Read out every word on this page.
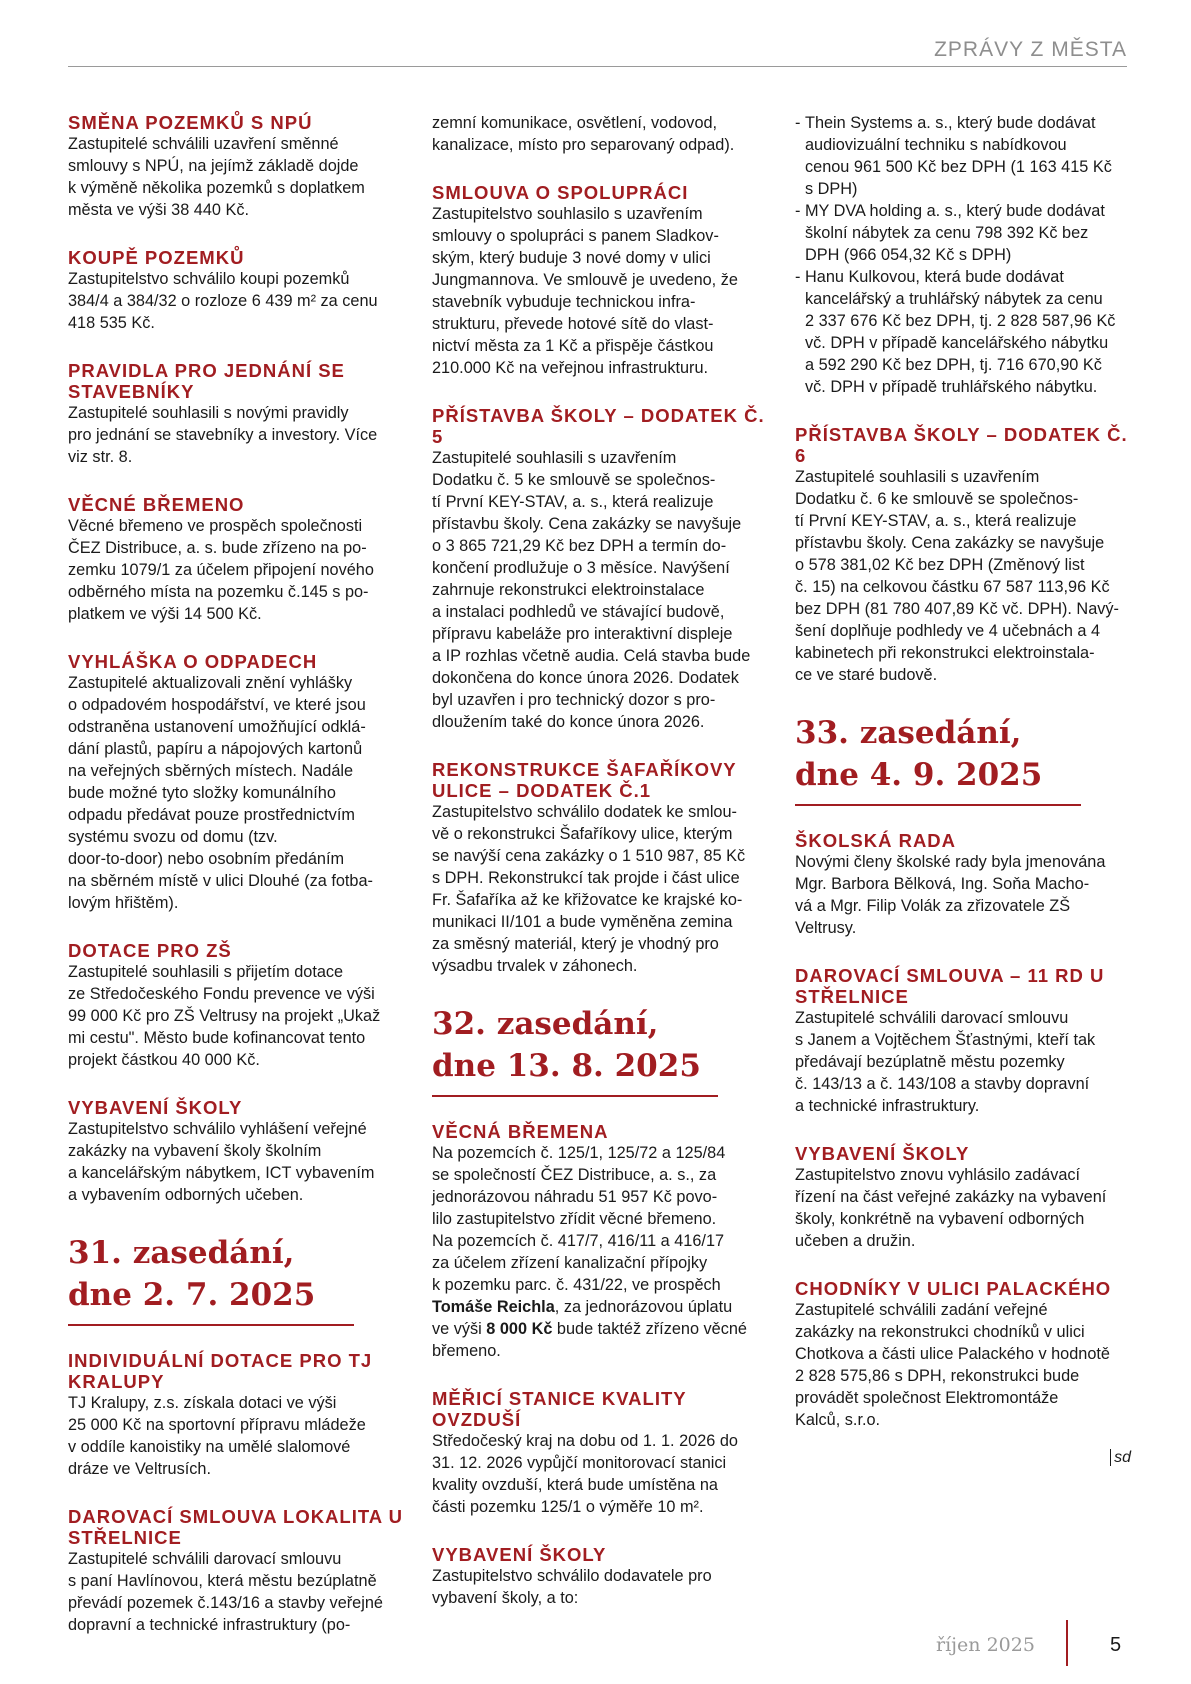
ZPRÁVY Z MĚSTA
SMĚNA POZEMKŮ S NPÚ

Zastupitelé schválili uzavření směnné
smlouvy s NPÚ, na jejímž základě dojde
k výměně několika pozemků s doplatkem
města ve výši 38 440 Kč.

KOUPĚ POZEMKŮ

Zastupitelstvo schválilo koupi pozemků
384/4 a 384/32 o rozloze 6 439 m² za cenu
418 535 Kč.

PRAVIDLA PRO JEDNÁNÍ SE STAVEBNÍKY

Zastupitelé souhlasili s novými pravidly
pro jednání se stavebníky a investory. Více
viz str. 8.

VĚCNÉ BŘEMENO

Věcné břemeno ve prospěch společnosti
ČEZ Distribuce, a. s. bude zřízeno na po-
zemku 1079/1 za účelem připojení nového
odběrného místa na pozemku č.145 s po-
platkem ve výši 14 500 Kč.

VYHLÁŠKA O ODPADECH

Zastupitelé aktualizovali znění vyhlášky
o odpadovém hospodářství, ve které jsou
odstraněna ustanovení umožňující odklá-
dání plastů, papíru a nápojových kartonů
na veřejných sběrných místech. Nadále
bude možné tyto složky komunálního
odpadu předávat pouze prostřednictvím
systému svozu od domu (tzv.
door-to-door) nebo osobním předáním
na sběrném místě v ulici Dlouhé (za fotba-
lovým hřištěm).

DOTACE PRO ZŠ

Zastupitelé souhlasili s přijetím dotace
ze Středočeského Fondu prevence ve výši
99 000 Kč pro ZŠ Veltrusy na projekt „Ukaž
mi cestu". Město bude kofinancovat tento
projekt částkou 40 000 Kč.

VYBAVENÍ ŠKOLY

Zastupitelstvo schválilo vyhlášení veřejné
zakázky na vybavení školy školním
a kancelářským nábytkem, ICT vybavením
a vybavením odborných učeben.

31. zasedání,
dne 2. 7. 2025
INDIVIDUÁLNÍ DOTACE PRO TJ KRALUPY

TJ Kralupy, z.s. získala dotaci ve výši
25 000 Kč na sportovní přípravu mládeže
v oddíle kanoistiky na umělé slalomové
dráze ve Veltrusích.

DAROVACÍ SMLOUVA LOKALITA U STŘELNICE

Zastupitelé schválili darovací smlouvu
s paní Havlínovou, která městu bezúplatně
převádí pozemek č.143/16 a stavby veřejné
dopravní a technické infrastruktury (po-

zemní komunikace, osvětlení, vodovod,
kanalizace, místo pro separovaný odpad).

SMLOUVA O SPOLUPRÁCI

Zastupitelstvo souhlasilo s uzavřením
smlouvy o spolupráci s panem Sladkov-
ským, který buduje 3 nové domy v ulici
Jungmannova. Ve smlouvě je uvedeno, že
stavebník vybuduje technickou infra-
strukturu, převede hotové sítě do vlast-
nictví města za 1 Kč a přispěje částkou
210.000 Kč na veřejnou infrastrukturu.

PŘÍSTAVBA ŠKOLY – DODATEK Č. 5

Zastupitelé souhlasili s uzavřením
Dodatku č. 5 ke smlouvě se společnos-
tí První KEY-STAV, a. s., která realizuje
přístavbu školy. Cena zakázky se navyšuje
o 3 865 721,29 Kč bez DPH a termín do-
končení prodlužuje o 3 měsíce. Navýšení
zahrnuje rekonstrukci elektroinstalace
a instalaci podhledů ve stávající budově,
přípravu kabeláže pro interaktivní displeje
a IP rozhlas včetně audia. Celá stavba bude
dokončena do konce února 2026. Dodatek
byl uzavřen i pro technický dozor s pro-
dloužením také do konce února 2026.

REKONSTRUKCE ŠAFAŘÍKOVY ULICE – DODATEK Č.1

Zastupitelstvo schválilo dodatek ke smlou-
vě o rekonstrukci Šafaříkovy ulice, kterým
se navýší cena zakázky o 1 510 987, 85 Kč
s DPH. Rekonstrukcí tak projde i část ulice
Fr. Šafaříka až ke křižovatce ke krajské ko-
munikaci II/101 a bude vyměněna zemina
za směsný materiál, který je vhodný pro
výsadbu trvalek v záhonech.

32. zasedání,
dne 13. 8. 2025
VĚCNÁ BŘEMENA

Na pozemcích č. 125/1, 125/72 a 125/84
se společností ČEZ Distribuce, a. s., za
jednorázovou náhradu 51 957 Kč povo-
lilo zastupitelstvo zřídit věcné břemeno.
Na pozemcích č. 417/7, 416/11 a 416/17
za účelem zřízení kanalizační přípojky
k pozemku parc. č. 431/22, ve prospěch
Tomáše Reichla, za jednorázovou úplatu
ve výši 8 000 Kč bude taktéž zřízeno věcné
břemeno.

MĚŘICÍ STANICE KVALITY OVZDUŠÍ

Středočeský kraj na dobu od 1. 1. 2026 do
31. 12. 2026 vypůjčí monitorovací stanici
kvality ovzduší, která bude umístěna na
části pozemku 125/1 o výměře 10 m².

VYBAVENÍ ŠKOLY

Zastupitelstvo schválilo dodavatele pro
vybavení školy, a to:

- Thein Systems a. s., který bude dodávat
audiovizuální techniku s nabídkovou
cenou 961 500 Kč bez DPH (1 163 415 Kč
s DPH)
- MY DVA holding a. s., který bude dodávat
školní nábytek za cenu 798 392 Kč bez
DPH (966 054,32 Kč s DPH)
- Hanu Kulkovou, která bude dodávat
kancelářský a truhlářský nábytek za cenu
2 337 676 Kč bez DPH, tj. 2 828 587,96 Kč
vč. DPH v případě kancelářského nábytku
a 592 290 Kč bez DPH, tj. 716 670,90 Kč
vč. DPH v případě truhlářského nábytku.
PŘÍSTAVBA ŠKOLY – DODATEK Č. 6

Zastupitelé souhlasili s uzavřením
Dodatku č. 6 ke smlouvě se společnos-
tí První KEY-STAV, a. s., která realizuje
přístavbu školy. Cena zakázky se navyšuje
o 578 381,02 Kč bez DPH (Změnový list
č. 15) na celkovou částku 67 587 113,96 Kč
bez DPH (81 780 407,89 Kč vč. DPH). Navý-
šení doplňuje podhledy ve 4 učebnách a 4
kabinetech při rekonstrukci elektroinstala-
ce ve staré budově.

33. zasedání,
dne 4. 9. 2025
ŠKOLSKÁ RADA

Novými členy školské rady byla jmenována
Mgr. Barbora Bělková, Ing. Soňa Macho-
vá a Mgr. Filip Volák za zřizovatele ZŠ
Veltrusy.

DAROVACÍ SMLOUVA – 11 RD U STŘELNICE

Zastupitelé schválili darovací smlouvu
s Janem a Vojtěchem Šťastnými, kteří tak
předávají bezúplatně městu pozemky
č. 143/13 a č. 143/108 a stavby dopravní
a technické infrastruktury.

VYBAVENÍ ŠKOLY

Zastupitelstvo znovu vyhlásilo zadávací
řízení na část veřejné zakázky na vybavení
školy, konkrétně na vybavení odborných
učeben a družin.

CHODNÍKY V ULICI PALACKÉHO

Zastupitelé schválili zadání veřejné
zakázky na rekonstrukci chodníků v ulici
Chotkova a části ulice Palackého v hodnotě
2 828 575,86 s DPH, rekonstrukci bude
provádět společnost Elektromontáže
Kalců, s.r.o.

sd
říjen 2025	5
